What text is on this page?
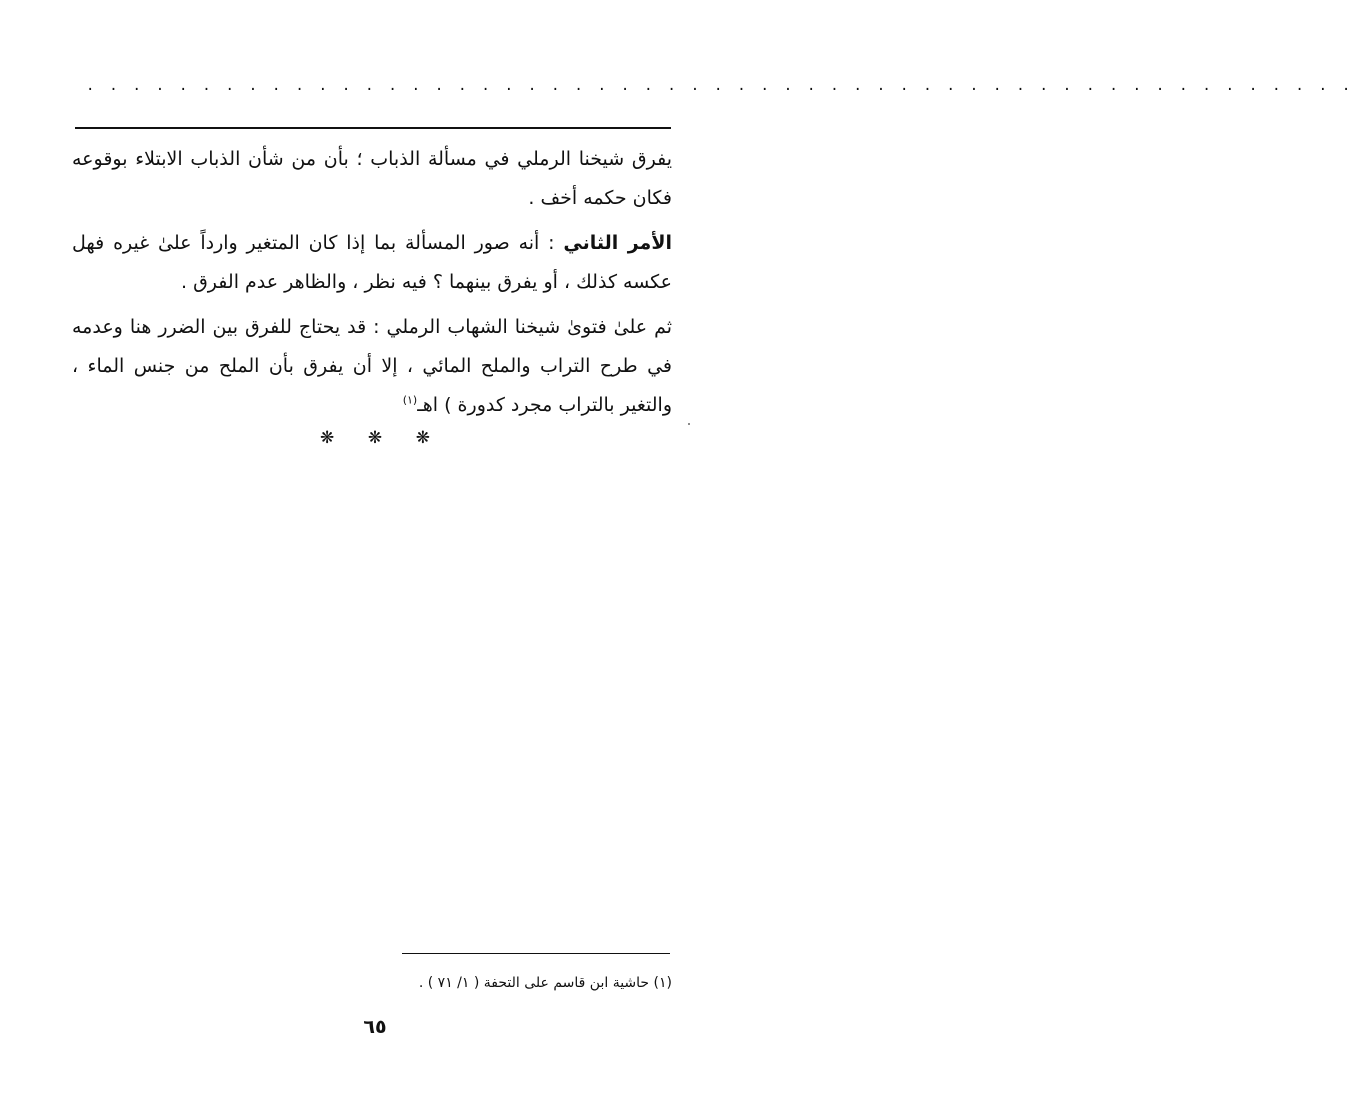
. . . . . . . . . . . . . . . . . . . . . . . . . . . . . . . . . . . . . . . . . . . . . . . . . . . . . . .

يفرق شيخنا الرملي في مسألة الذباب ؛ بأن من شأن الذباب الابتلاء بوقوعه فكان حكمه أخف .

الأمر الثاني : أنه صور المسألة بما إذا كان المتغير وارداً علىٰ غيره فهل عكسه كذلك ، أو يفرق بينهما ؟ فيه نظر ، والظاهر عدم الفرق .

ثم علىٰ فتوىٰ شيخنا الشهاب الرملي : قد يحتاج للفرق بين الضرر هنا وعدمه في طرح التراب والملح المائي ، إلا أن يفرق بأن الملح من جنس الماء ، والتغير بالتراب مجرد كدورة ) اهـ$^{(١)}$

❋ ❋ ❋
(١) حاشية ابن قاسم على التحفة ( ١/ ٧١ ) .
٦٥
